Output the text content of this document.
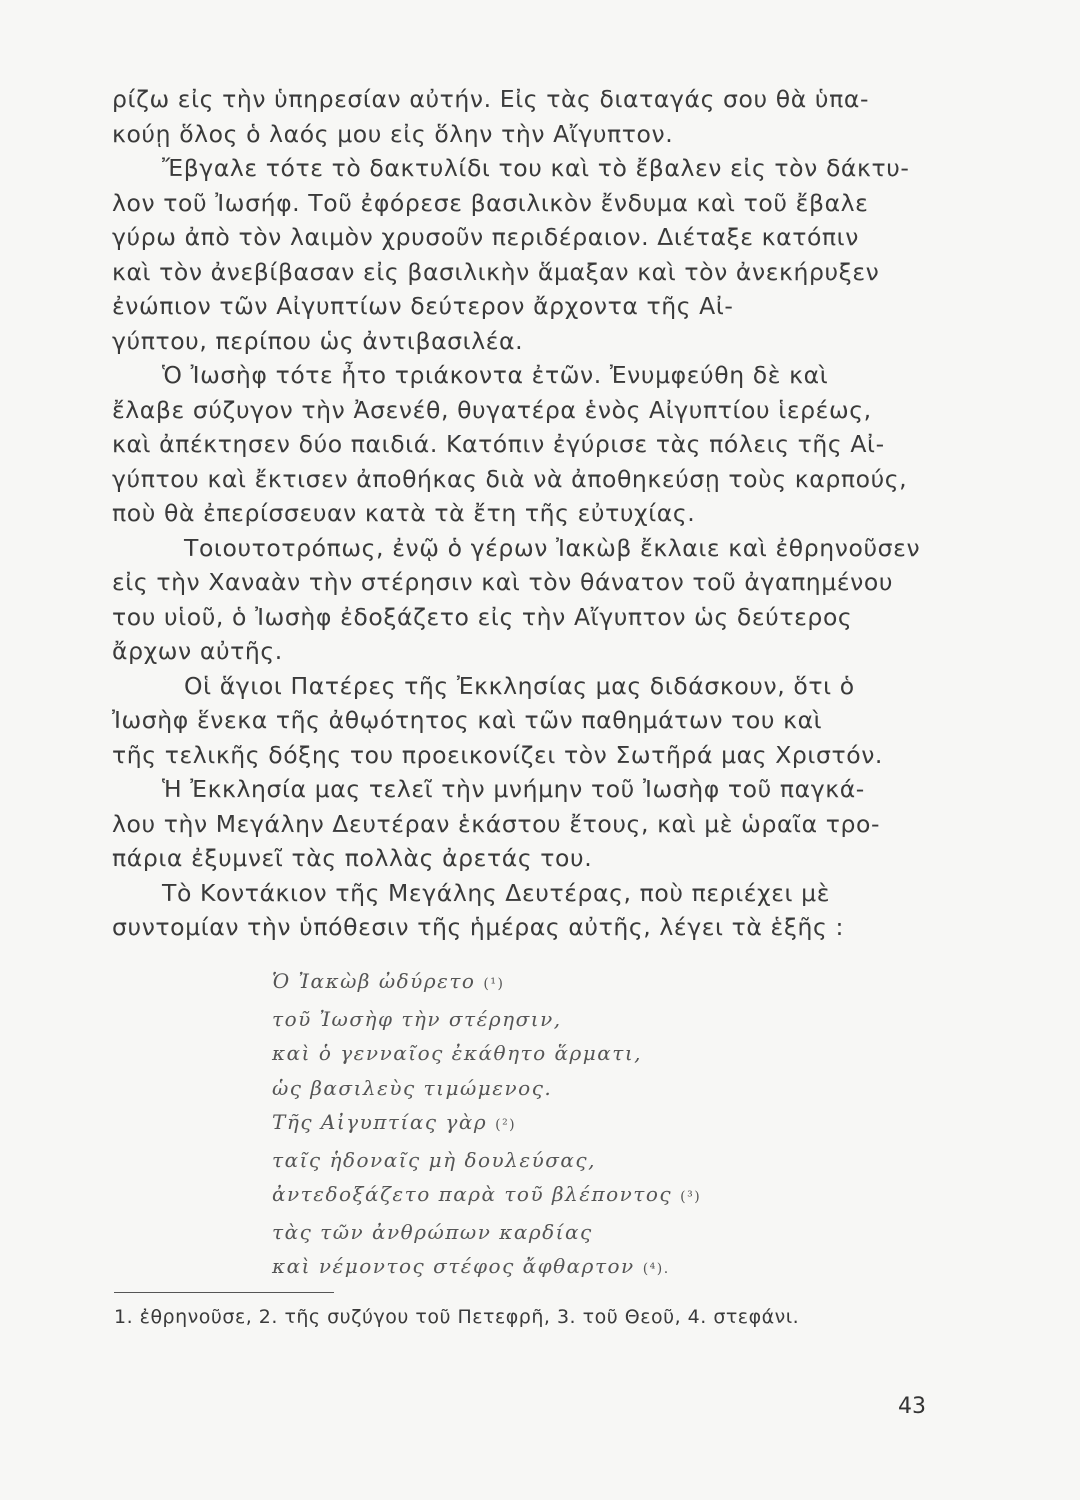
ρίζω εἰς τὴν ὑπηρεσίαν αὐτήν. Εἰς τὰς διαταγάς σου θὰ ὑπα-
κούῃ ὅλος ὁ λαός μου εἰς ὅλην τὴν Αἴγυπτον.

Ἔβγαλε τότε τὸ δακτυλίδι του καὶ τὸ ἔβαλεν εἰς τὸν δάκτυ-
λον τοῦ Ἰωσήφ. Τοῦ ἐφόρεσε βασιλικὸν ἔνδυμα καὶ τοῦ ἔβαλε
γύρω ἀπὸ τὸν λαιμὸν χρυσοῦν περιδέραιον. Διέταξε κατόπιν
καὶ τὸν ἀνεβίβασαν εἰς βασιλικὴν ἅμαξαν καὶ τὸν ἀνεκήρυξεν
ἐνώπιον τῶν Αἰγυπτίων δεύτερον ἄρχοντα τῆς Αἰ-
γύπτου, περίπου ὡς ἀντιβασιλέα.

Ὁ Ἰωσὴφ τότε ἦτο τριάκοντα ἐτῶν. Ἐνυμφεύθη δὲ καὶ
ἔλαβε σύζυγον τὴν Ἀσενέθ, θυγατέρα ἑνὸς Αἰγυπτίου ἱερέως,
καὶ ἀπέκτησεν δύο παιδιά. Κατόπιν ἐγύρισε τὰς πόλεις τῆς Αἰ-
γύπτου καὶ ἔκτισεν ἀποθήκας διὰ νὰ ἀποθηκεύσῃ τοὺς καρπούς,
ποὺ θὰ ἐπερίσσευαν κατὰ τὰ ἔτη τῆς εὐτυχίας.

Τοιουτοτρόπως, ἐνῷ ὁ γέρων Ἰακὼβ ἔκλαιε καὶ ἐθρηνοῦσεν
εἰς τὴν Χαναὰν τὴν στέρησιν καὶ τὸν θάνατον τοῦ ἀγαπημένου
του υἱοῦ, ὁ Ἰωσὴφ ἐδοξάζετο εἰς τὴν Αἴγυπτον ὡς δεύτερος
ἄρχων αὐτῆς.

Οἱ ἅγιοι Πατέρες τῆς Ἐκκλησίας μας διδάσκουν, ὅτι ὁ
Ἰωσὴφ ἕνεκα τῆς ἀθῳότητος καὶ τῶν παθημάτων του καὶ
τῆς τελικῆς δόξης του προεικονίζει τὸν Σωτῆρά μας Χριστόν.

Ἡ Ἐκκλησία μας τελεῖ τὴν μνήμην τοῦ Ἰωσὴφ τοῦ παγκά-
λου τὴν Μεγάλην Δευτέραν ἑκάστου ἔτους, καὶ μὲ ὡραῖα τρο-
πάρια ἐξυμνεῖ τὰς πολλὰς ἀρετάς του.

Τὸ Κοντάκιον τῆς Μεγάλης Δευτέρας, ποὺ περιέχει μὲ
συντομίαν τὴν ὑπόθεσιν τῆς ἡμέρας αὐτῆς, λέγει τὰ ἑξῆς :

Ὁ Ἰακὼβ ὠδύρετο (¹)
τοῦ Ἰωσὴφ τὴν στέρησιν,
καὶ ὁ γενναῖος ἐκάθητο ἅρματι,
ὡς βασιλεὺς τιμώμενος.
Τῆς Αἰγυπτίας γὰρ (²)
ταῖς ἡδοναῖς μὴ δουλεύσας,
ἀντεδοξάζετο παρὰ τοῦ βλέποντος (³)
τὰς τῶν ἀνθρώπων καρδίας
καὶ νέμοντος στέφος ἄφθαρτον (⁴).
1. ἐθρηνοῦσε, 2. τῆς συζύγου τοῦ Πετεφρῆ, 3. τοῦ Θεοῦ, 4. στεφάνι.
43
